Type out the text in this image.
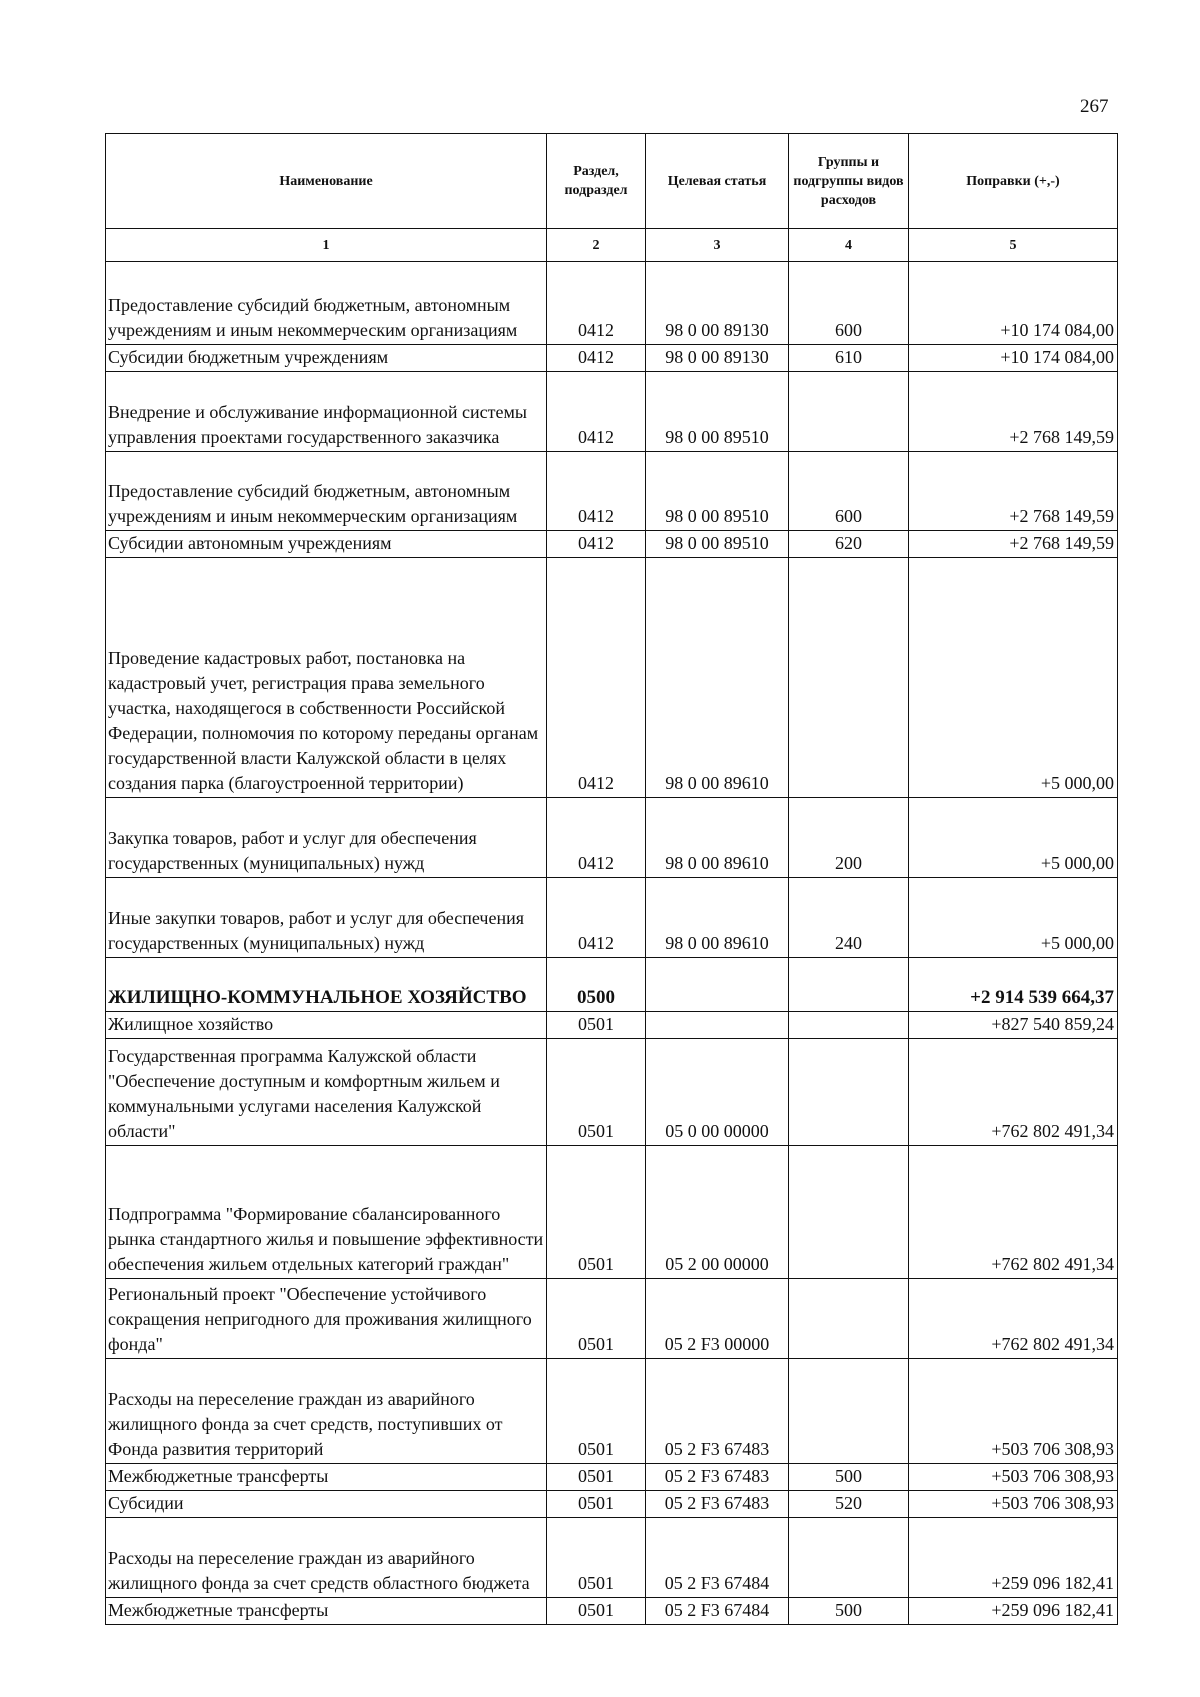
267
Наименование	Раздел, подраздел	Целевая статья	Группы и подгруппы видов расходов	Поправки (+,-)
1	2	3	4	5
Предоставление субсидий бюджетным, автономным учреждениям и иным некоммерческим организациям	0412	98 0 00 89130	600	+10 174 084,00
Субсидии бюджетным учреждениям	0412	98 0 00 89130	610	+10 174 084,00
Внедрение и обслуживание информационной системы управления проектами государственного заказчика	0412	98 0 00 89510		+2 768 149,59
Предоставление субсидий бюджетным, автономным учреждениям и иным некоммерческим организациям	0412	98 0 00 89510	600	+2 768 149,59
Субсидии автономным учреждениям	0412	98 0 00 89510	620	+2 768 149,59
Проведение кадастровых работ, постановка на кадастровый учет, регистрация права земельного участка, находящегося в собственности Российской Федерации, полномочия по которому переданы органам государственной власти Калужской области в целях создания парка (благоустроенной территории)	0412	98 0 00 89610		+5 000,00
Закупка товаров, работ и услуг для обеспечения государственных (муниципальных) нужд	0412	98 0 00 89610	200	+5 000,00
Иные закупки товаров, работ и услуг для обеспечения государственных (муниципальных) нужд	0412	98 0 00 89610	240	+5 000,00
ЖИЛИЩНО-КОММУНАЛЬНОЕ ХОЗЯЙСТВО	0500			+2 914 539 664,37
Жилищное хозяйство	0501			+827 540 859,24
Государственная программа Калужской области "Обеспечение доступным и комфортным жильем и коммунальными услугами населения Калужской области"	0501	05 0 00 00000		+762 802 491,34
Подпрограмма "Формирование сбалансированного рынка стандартного жилья и повышение эффективности обеспечения жильем отдельных категорий граждан"	0501	05 2 00 00000		+762 802 491,34
Региональный проект "Обеспечение устойчивого сокращения непригодного для проживания жилищного фонда"	0501	05 2 F3 00000		+762 802 491,34
Расходы на переселение граждан из аварийного жилищного фонда за счет средств, поступивших от Фонда развития территорий	0501	05 2 F3 67483		+503 706 308,93
Межбюджетные трансферты	0501	05 2 F3 67483	500	+503 706 308,93
Субсидии	0501	05 2 F3 67483	520	+503 706 308,93
Расходы на переселение граждан из аварийного жилищного фонда за счет средств областного бюджета	0501	05 2 F3 67484		+259 096 182,41
Межбюджетные трансферты	0501	05 2 F3 67484	500	+259 096 182,41
